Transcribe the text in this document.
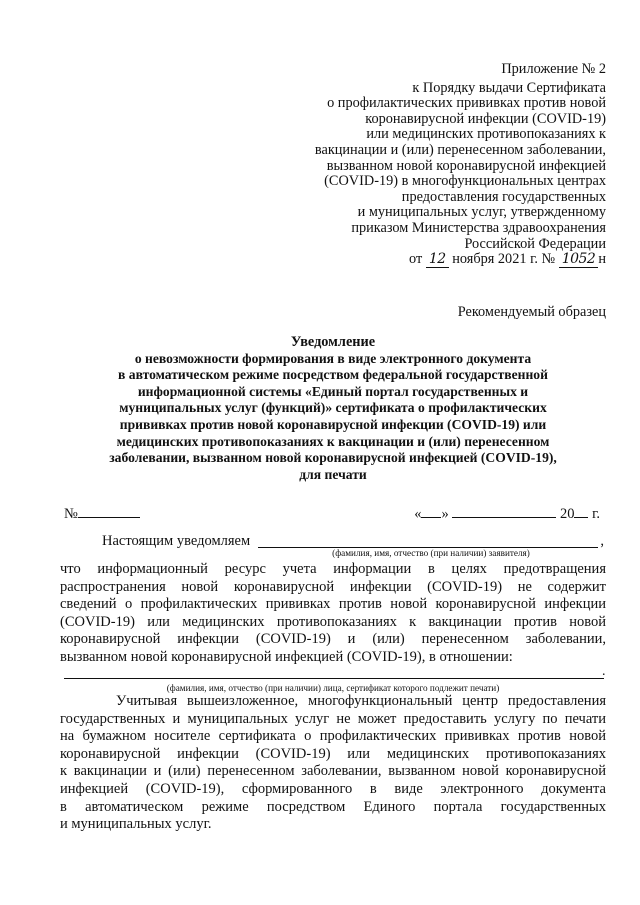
Приложение № 2
к Порядку выдачи Сертификата
о профилактических прививках против новой
коронавирусной инфекции (COVID-19)
или медицинских противопоказаниях к
вакцинации и (или) перенесенном заболевании,
вызванном новой коронавирусной инфекцией
(COVID-19) в многофункциональных центрах
предоставления государственных
и муниципальных услуг, утвержденному
приказом Министерства здравоохранения
Российской Федерации
от 12 ноября 2021 г. № 1052 н
Рекомендуемый образец
Уведомление
о невозможности формирования в виде электронного документа
в автоматическом режиме посредством федеральной государственной
информационной системы «Единый портал государственных и
муниципальных услуг (функций)» сертификата о профилактических
прививках против новой коронавирусной инфекции (COVID-19) или
медицинских противопоказаниях к вакцинации и (или) перенесенном
заболевании, вызванном новой коронавирусной инфекцией (COVID-19),
для печати
№	« »	20 г.
Настоящим уведомляем	,
(фамилия, имя, отчество (при наличии) заявителя)
что информационный ресурс учета информации в целях предотвращения
распространения новой коронавирусной инфекции (COVID-19) не содержит
сведений о профилактических прививках против новой коронавирусной инфекции
(COVID-19) или медицинских противопоказаниях к вакцинации против новой
коронавирусной инфекции (COVID-19) и (или) перенесенном заболевании,
вызванном новой коронавирусной инфекцией (COVID-19), в отношении:
.
(фамилия, имя, отчество (при наличии) лица, сертификат которого подлежит печати)
Учитывая вышеизложенное, многофункциональный центр предоставления
государственных и муниципальных услуг не может предоставить услугу по печати
на бумажном носителе сертификата о профилактических прививках против новой
коронавирусной инфекции (COVID-19) или медицинских противопоказаниях
к вакцинации и (или) перенесенном заболевании, вызванном новой коронавирусной
инфекцией (COVID-19), сформированного в виде электронного документа
в автоматическом режиме посредством Единого портала государственных
и муниципальных услуг.
